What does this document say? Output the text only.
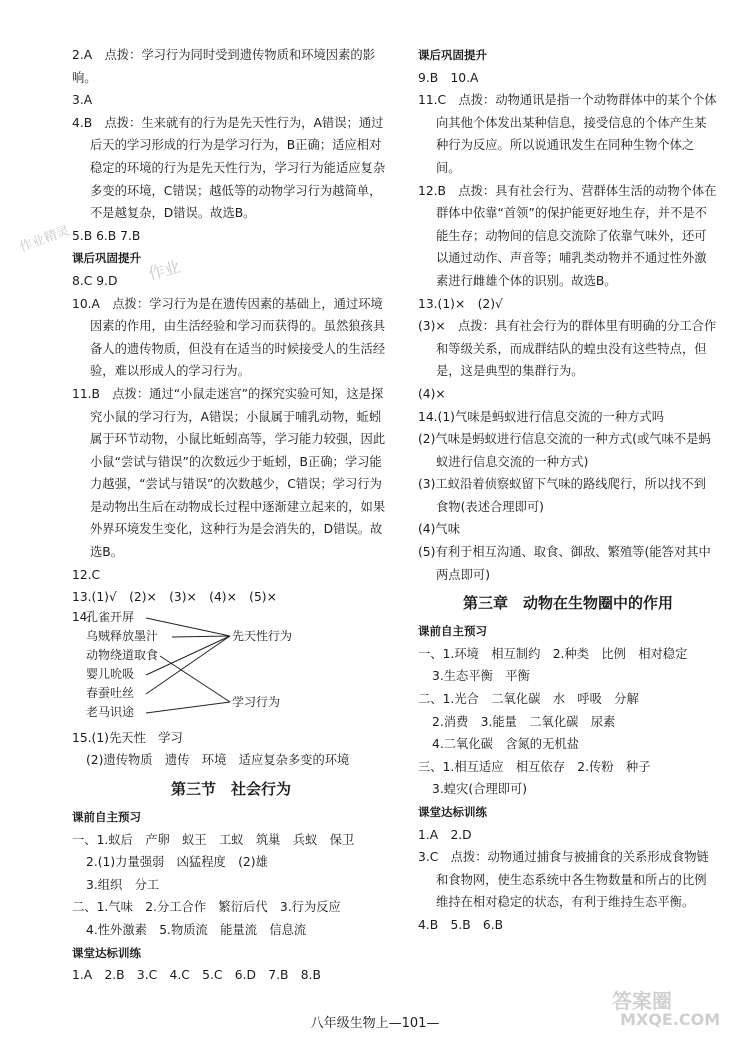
2.A　点拨：学习行为同时受到遗传物质和环境因素的影响。
3.A
4.B　点拨：生来就有的行为是先天性行为，A错误；通过后天的学习形成的行为是学习行为，B正确；适应相对稳定的环境的行为是先天性行为，学习行为能适应复杂多变的环境，C错误；越低等的动物学习行为越简单，不是越复杂，D错误。故选B。
5.B 6.B 7.B
课后巩固提升
8.C 9.D
10.A　点拨：学习行为是在遗传因素的基础上，通过环境因素的作用，由生活经验和学习而获得的。虽然狼孩具备人的遗传物质，但没有在适当的时候接受人的生活经验，难以形成人的学习行为。
11.B　点拨：通过“小鼠走迷宫”的探究实验可知，这是探究小鼠的学习行为，A错误；小鼠属于哺乳动物，蚯蚓属于环节动物，小鼠比蚯蚓高等，学习能力较强，因此小鼠“尝试与错误”的次数远少于蚯蚓，B正确；学习能力越强，“尝试与错误”的次数越少，C错误；学习行为是动物出生后在动物成长过程中逐渐建立起来的，如果外界环境发生变化，这种行为是会消失的，D错误。故选B。
12.C
13.(1)√　(2)×　(3)×　(4)×　(5)×
14.
孔雀开屏
乌贼释放墨汁
动物绕道取食
婴儿吮吸
春蚕吐丝
老马识途
先天性行为
学习行为
15.(1)先天性　学习
(2)遗传物质　遗传　环境　适应复杂多变的环境
第三节　社会行为
课前自主预习
一、1.蚁后　产卵　蚁王　工蚁　筑巢　兵蚁　保卫
2.(1)力量强弱　凶猛程度　(2)雄
3.组织　分工
二、1.气味　2.分工合作　繁衍后代　3.行为反应
4.性外激素　5.物质流　能量流　信息流
课堂达标训练
1.A　2.B　3.C　4.C　5.C　6.D　7.B　8.B
课后巩固提升
9.B　10.A
11.C　点拨：动物通讯是指一个动物群体中的某个个体向其他个体发出某种信息，接受信息的个体产生某种行为反应。所以说通讯发生在同种生物个体之间。
12.B　点拨：具有社会行为、营群体生活的动物个体在群体中依靠“首领”的保护能更好地生存，并不是不能生存；动物间的信息交流除了依靠气味外，还可以通过动作、声音等；哺乳类动物并不通过性外激素进行雌雄个体的识别。故选B。
13.(1)×　(2)√
(3)×　点拨：具有社会行为的群体里有明确的分工合作和等级关系，而成群结队的蝗虫没有这些特点，但是，这是典型的集群行为。
(4)×
14.(1)气味是蚂蚁进行信息交流的一种方式吗
(2)气味是蚂蚁进行信息交流的一种方式(或气味不是蚂蚁进行信息交流的一种方式)
(3)工蚁沿着侦察蚁留下气味的路线爬行，所以找不到食物(表述合理即可)
(4)气味
(5)有利于相互沟通、取食、御敌、繁殖等(能答对其中两点即可)
第三章　动物在生物圈中的作用
课前自主预习
一、1.环境　相互制约　2.种类　比例　相对稳定
3.生态平衡　平衡
二、1.光合　二氧化碳　水　呼吸　分解
2.消费　3.能量　二氧化碳　尿素
4.二氧化碳　含氮的无机盐
三、1.相互适应　相互依存　2.传粉　种子
3.蝗灾(合理即可)
课堂达标训练
1.A　2.D
3.C　点拨：动物通过捕食与被捕食的关系形成食物链和食物网，使生态系统中各生物数量和所占的比例维持在相对稳定的状态，有利于维持生态平衡。
4.B　5.B　6.B
八年级生物上—101—
作业精灵
作业
答案圈
MXQE.COM
